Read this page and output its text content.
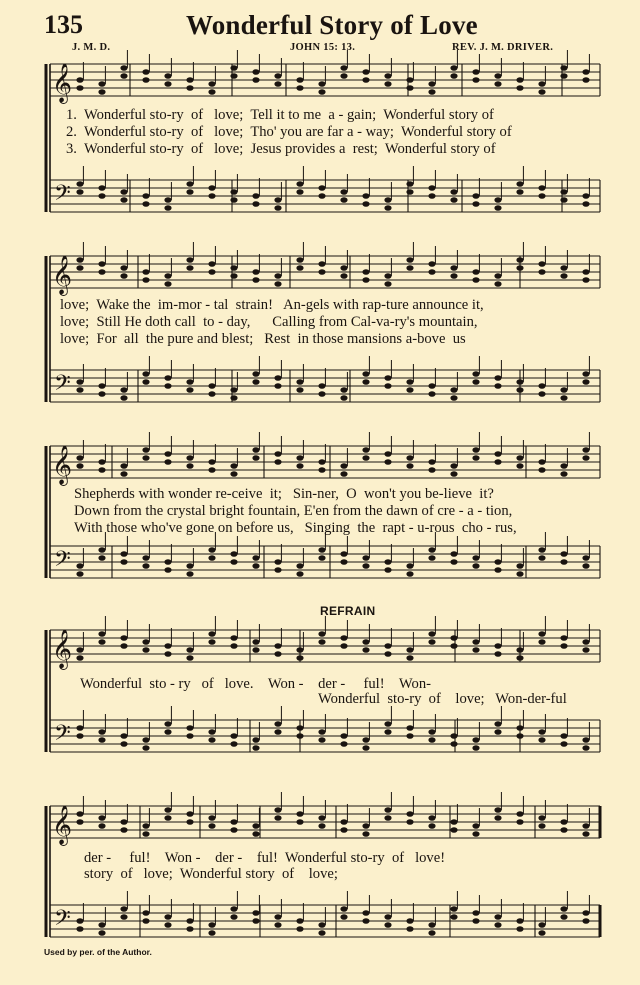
135	Wonderful Story of Love
J. M. D.	JOHN 15: 13.	REV. J. M. DRIVER.
𝄞
𝄢
𝄞
𝄢
𝄞
𝄢
𝄞
𝄢
𝄞
𝄢
1.  Wonderful sto-ry  of   love;  Tell it to me  a - gain;  Wonderful story of
2.  Wonderful sto-ry  of   love;  Tho' you are far a - way;  Wonderful story of
3.  Wonderful sto-ry  of   love;  Jesus provides a  rest;  Wonderful story of
love;  Wake the  im-mor - tal  strain!   An-gels with rap-ture announce it,
love;  Still He doth call  to - day,      Calling from Cal-va-ry's mountain,
love;  For  all  the pure and blest;   Rest  in those mansions a-bove  us
Shepherds with wonder re-ceive  it;   Sin-ner,  O  won't you be-lieve  it?
Down from the crystal bright fountain, E'en from the dawn of cre - a - tion,
With those who've gone on before us,   Singing  the  rapt - u-rous  cho - rus,
REFRAIN
Wonderful  sto - ry   of   love.    Won -    der -     ful!    Won-
Wonderful  sto-ry  of    love;   Won-der-ful
der -     ful!    Won -    der -    ful!  Wonderful sto-ry  of   love!
story  of   love;  Wonderful story  of    love;
Used by per. of the Author.
